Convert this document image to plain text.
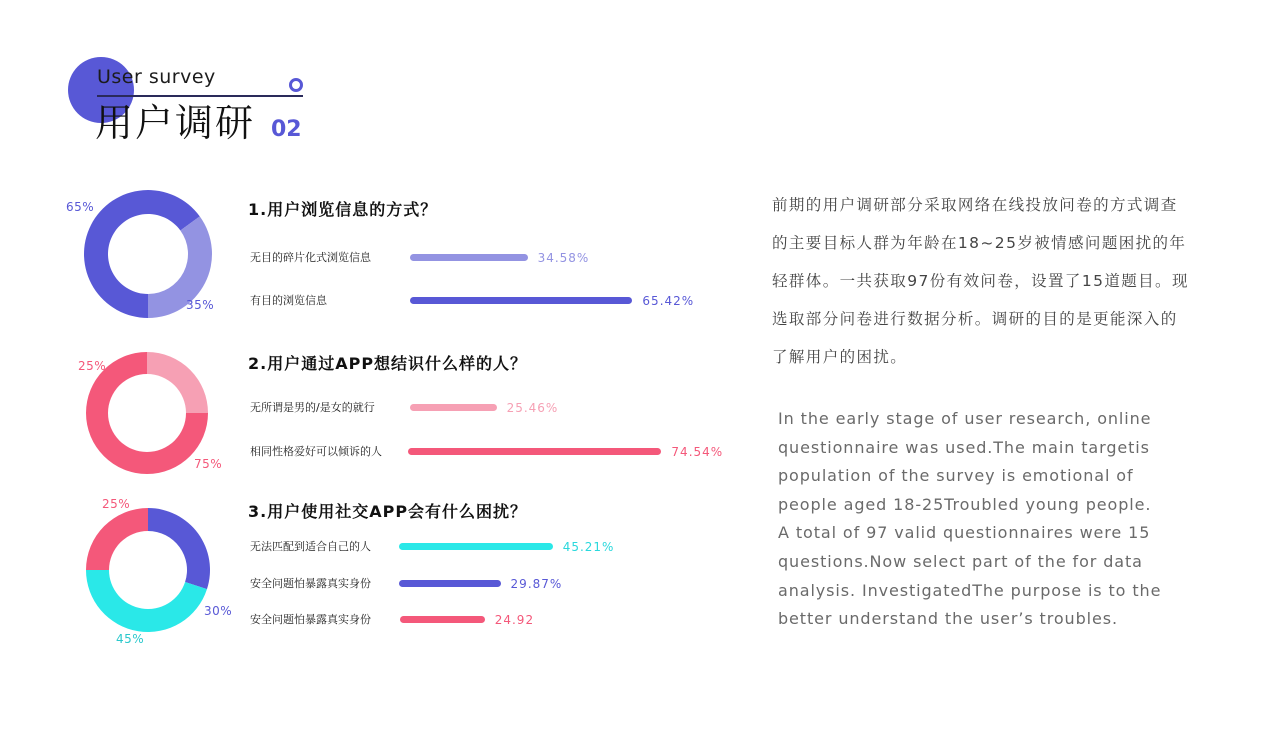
User survey
用户调研 02
65%
35%
1.用户浏览信息的方式？
无目的碎片化式浏览信息	34.58%
有目的浏览信息	65.42%
25%
75%
2.用户通过APP想结识什么样的人？
无所谓是男的/是女的就行	25.46%
相同性格爱好可以倾诉的人	74.54%
25%
30%
45%
3.用户使用社交APP会有什么困扰？
无法匹配到适合自己的人	45.21%
安全问题怕暴露真实身份	29.87%
安全问题怕暴露真实身份	24.92
前期的用户调研部分采取网络在线投放问卷的方式调查的主要目标人群为年龄在18~25岁被情感问题困扰的年轻群体。一共获取97份有效问卷，设置了15道题目。现选取部分问卷进行数据分析。调研的目的是更能深入的了解用户的困扰。
In the early stage of user research, online
questionnaire was used.The main targetis
population of the survey is emotional of
people aged 18-25Troubled young people.
A total of 97 valid questionnaires were 15
questions.Now select part of the for data
analysis. InvestigatedThe purpose is to the
better understand the user’s troubles.
